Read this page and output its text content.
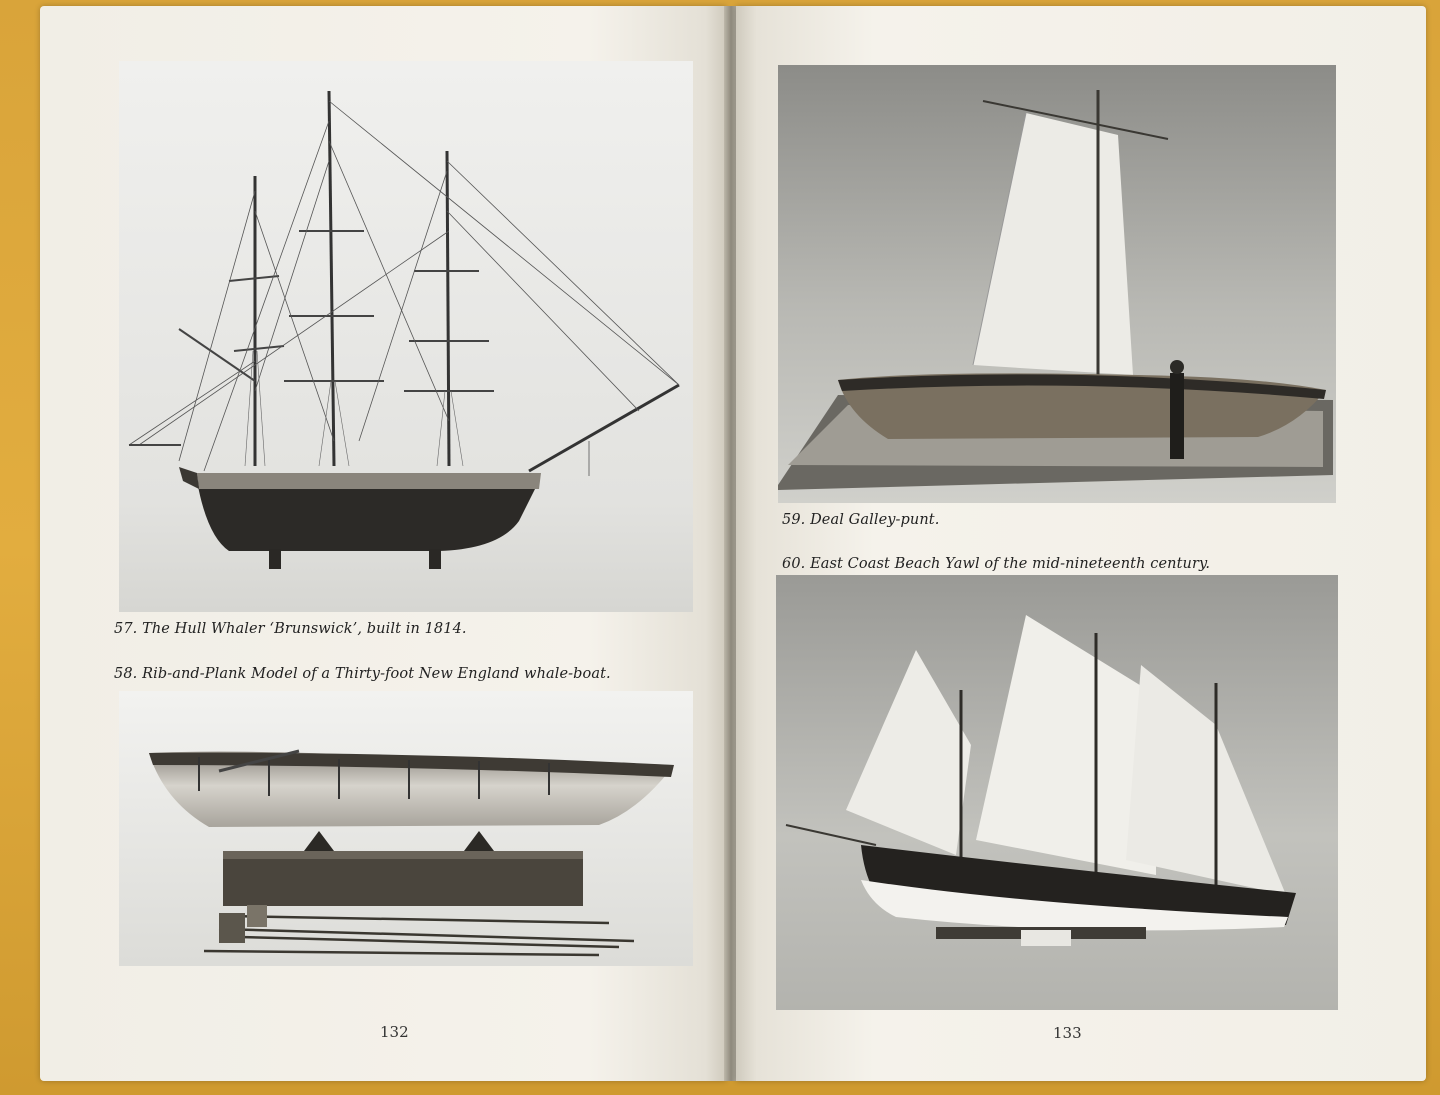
57. The Hull Whaler ‘Brunswick’, built in 1814.
58. Rib-and-Plank Model of a Thirty-foot New England whale-boat.
132
59. Deal Galley-punt.
60. East Coast Beach Yawl of the mid-nineteenth century.
133
